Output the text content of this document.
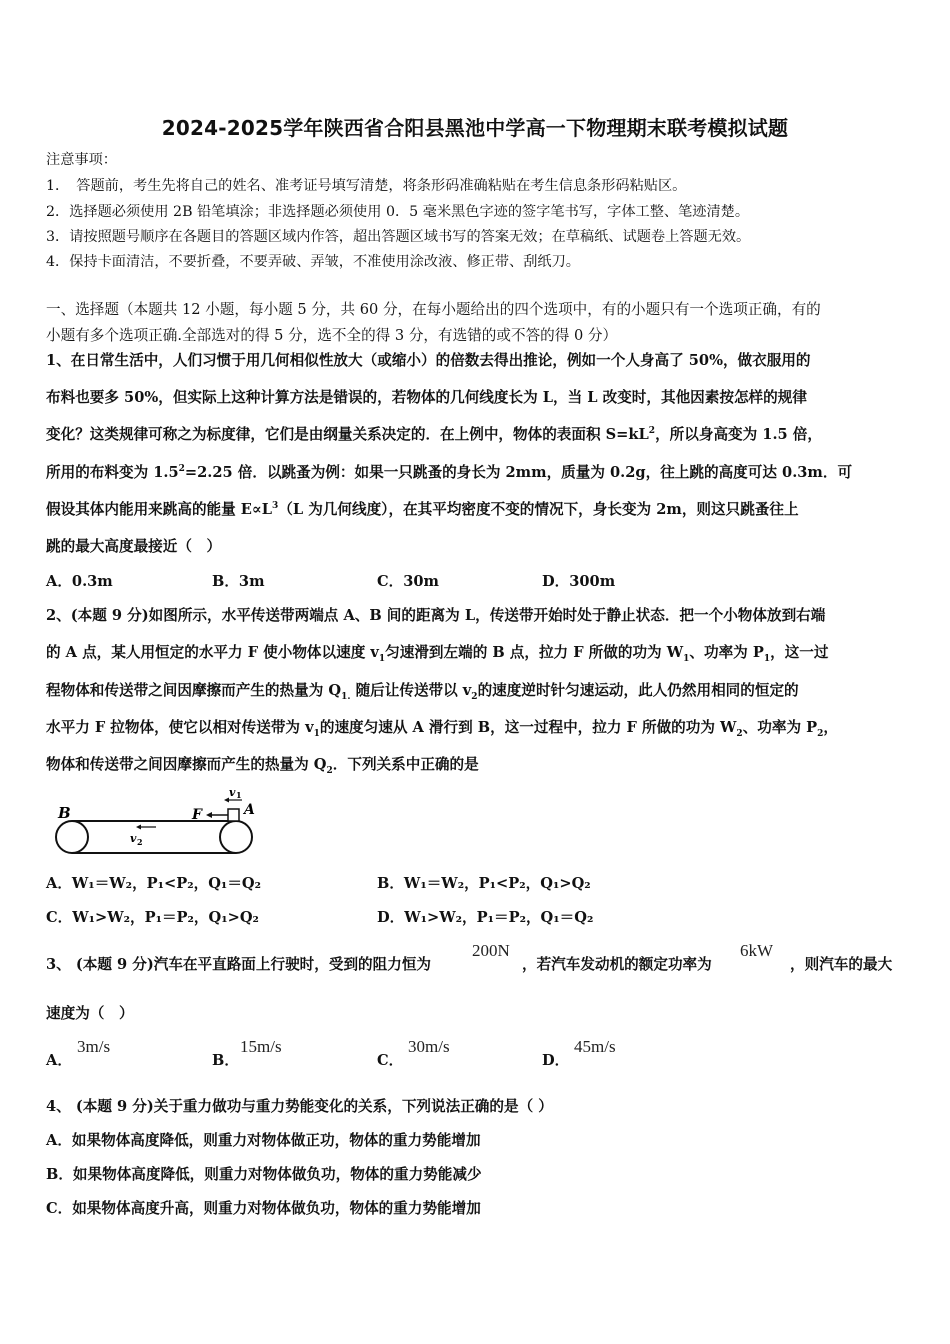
2024-2025学年陕西省合阳县黑池中学高一下物理期末联考模拟试题
注意事项：
1．　答题前，考生先将自己的姓名、准考证号填写清楚，将条形码准确粘贴在考生信息条形码粘贴区。
2．选择题必须使用 2B 铅笔填涂；非选择题必须使用 0．5 毫米黑色字迹的签字笔书写，字体工整、笔迹清楚。
3．请按照题号顺序在各题目的答题区域内作答，超出答题区域书写的答案无效；在草稿纸、试题卷上答题无效。
4．保持卡面清洁，不要折叠，不要弄破、弄皱，不准使用涂改液、修正带、刮纸刀。
一、选择题（本题共 12 小题，每小题 5 分，共 60 分，在每小题给出的四个选项中，有的小题只有一个选项正确，有的
小题有多个选项正确.全部选对的得 5 分，选不全的得 3 分，有选错的或不答的得 0 分）
1、在日常生活中，人们习惯于用几何相似性放大（或缩小）的倍数去得出推论，例如一个人身高了 50%，做衣服用的
布料也要多 50%，但实际上这种计算方法是错误的，若物体的几何线度长为 L，当 L 改变时，其他因素按怎样的规律
变化？这类规律可称之为标度律，它们是由纲量关系决定的．在上例中，物体的表面积 $S=kL^2$，所以身高变为 1.5 倍，
所用的布料变为 $1.5^2=2.25$ 倍．以跳蚤为例：如果一只跳蚤的身长为 2mm，质量为 0.2g，往上跳的高度可达 0.3m．可
假设其体内能用来跳高的能量 $E\propto L^3(L$ 为几何线度），在其平均密度不变的情况下，身长变为 2m，则这只跳蚤往上
跳的最大高度最接近（　）
A．0.3m	B．3m	C．30m	D．300m
2、(本题 9 分)如图所示，水平传送带两端点 A、B 间的距离为 L，传送带开始时处于静止状态．把一个小物体放到右端
的 A 点，某人用恒定的水平力 F 使小物体以速度 $v_1$匀速滑到左端的 B 点，拉力 F 所做的功为 $W_1$、功率为 $P_1$，这一过
程物体和传送带之间因摩擦而产生的热量为 $Q_{1.}$ 随后让传送带以 $v_2$的速度逆时针匀速运动，此人仍然用相同的恒定的
水平力 F 拉物体，使它以相对传送带为 $v_1$的速度匀速从 A 滑行到 B，这一过程中，拉力 F 所做的功为 $W_2$、功率为 $P_2$，
物体和传送带之间因摩擦而产生的热量为 $Q_2$．下列关系中正确的是
B	A
F
v 1
v 2
A．W₁＝W₂，P₁<P₂，Q₁＝Q₂	B．W₁＝W₂，P₁<P₂，Q₁>Q₂
C．W₁>W₂，P₁＝P₂，Q₁>Q₂	D．W₁>W₂，P₁＝P₂，Q₁＝Q₂
3、 (本题 9 分)汽车在平直路面上行驶时，受到的阻力恒为
200N
，若汽车发动机的额定功率为
6kW
，则汽车的最大
速度为（　）
A．
3m/s
B．
15m/s
C．
30m/s
D．
45m/s
4、 (本题 9 分)关于重力做功与重力势能变化的关系，下列说法正确的是（ ）
A．如果物体高度降低，则重力对物体做正功，物体的重力势能增加
B．如果物体高度降低，则重力对物体做负功，物体的重力势能减少
C．如果物体高度升高，则重力对物体做负功，物体的重力势能增加
